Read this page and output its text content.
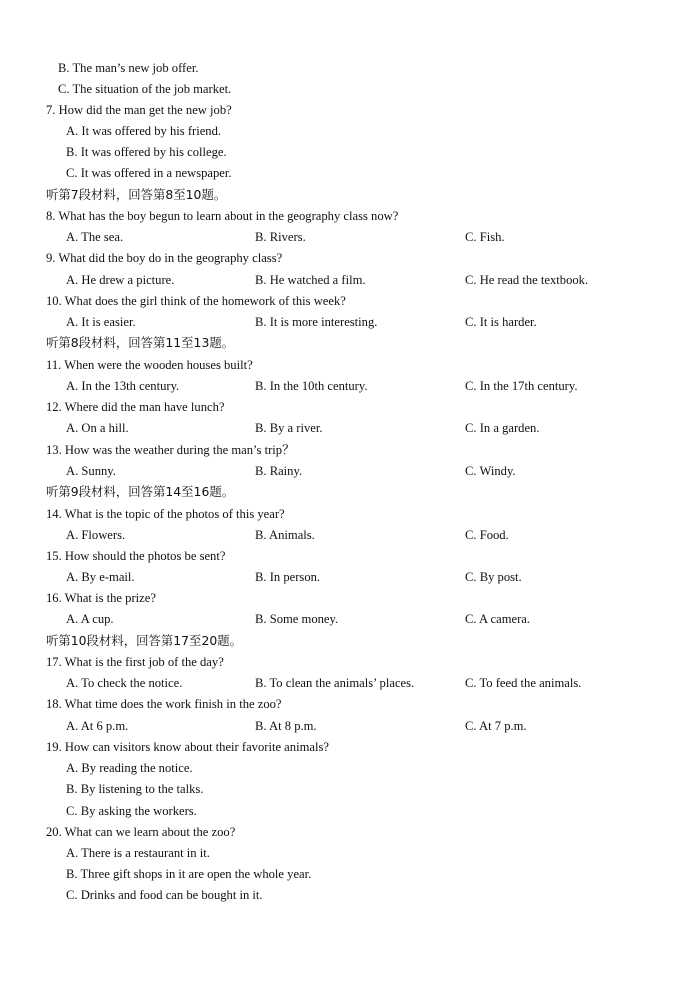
B. The man’s new job offer.
C. The situation of the job market.
7. How did the man get the new job?
A. It was offered by his friend.
B. It was offered by his college.
C. It was offered in a newspaper.
听第7段材料，回答第8至10题。
8. What has the boy begun to learn about in the geography class now?
A. The sea.	B. Rivers.	C. Fish.
9. What did the boy do in the geography class?
A. He drew a picture.	B. He watched a film.	C. He read the textbook.
10. What does the girl think of the homework of this week?
A. It is easier.	B. It is more interesting.	C. It is harder.
听第8段材料，回答第11至13题。
11. When were the wooden houses built?
A. In the 13th century.	B. In the 10th century.	C. In the 17th century.
12. Where did the man have lunch?
A. On a hill.	B. By a river.	C. In a garden.
13. How was the weather during the man’s trip？
A. Sunny.	B. Rainy.	C. Windy.
听第9段材料，回答第14至16题。
14. What is the topic of the photos of this year?
A. Flowers.	B. Animals.	C. Food.
15. How should the photos be sent?
A. By e-mail.	B. In person.	C. By post.
16. What is the prize?
A. A cup.	B. Some money.	C. A camera.
听第10段材料，回答第17至20题。
17. What is the first job of the day?
A. To check the notice.	B. To clean the animals’ places.	C. To feed the animals.
18. What time does the work finish in the zoo?
A. At 6 p.m.	B. At 8 p.m.	C. At 7 p.m.
19. How can visitors know about their favorite animals?
A. By reading the notice.
B. By listening to the talks.
C. By asking the workers.
20. What can we learn about the zoo?
A. There is a restaurant in it.
B. Three gift shops in it are open the whole year.
C. Drinks and food can be bought in it.
